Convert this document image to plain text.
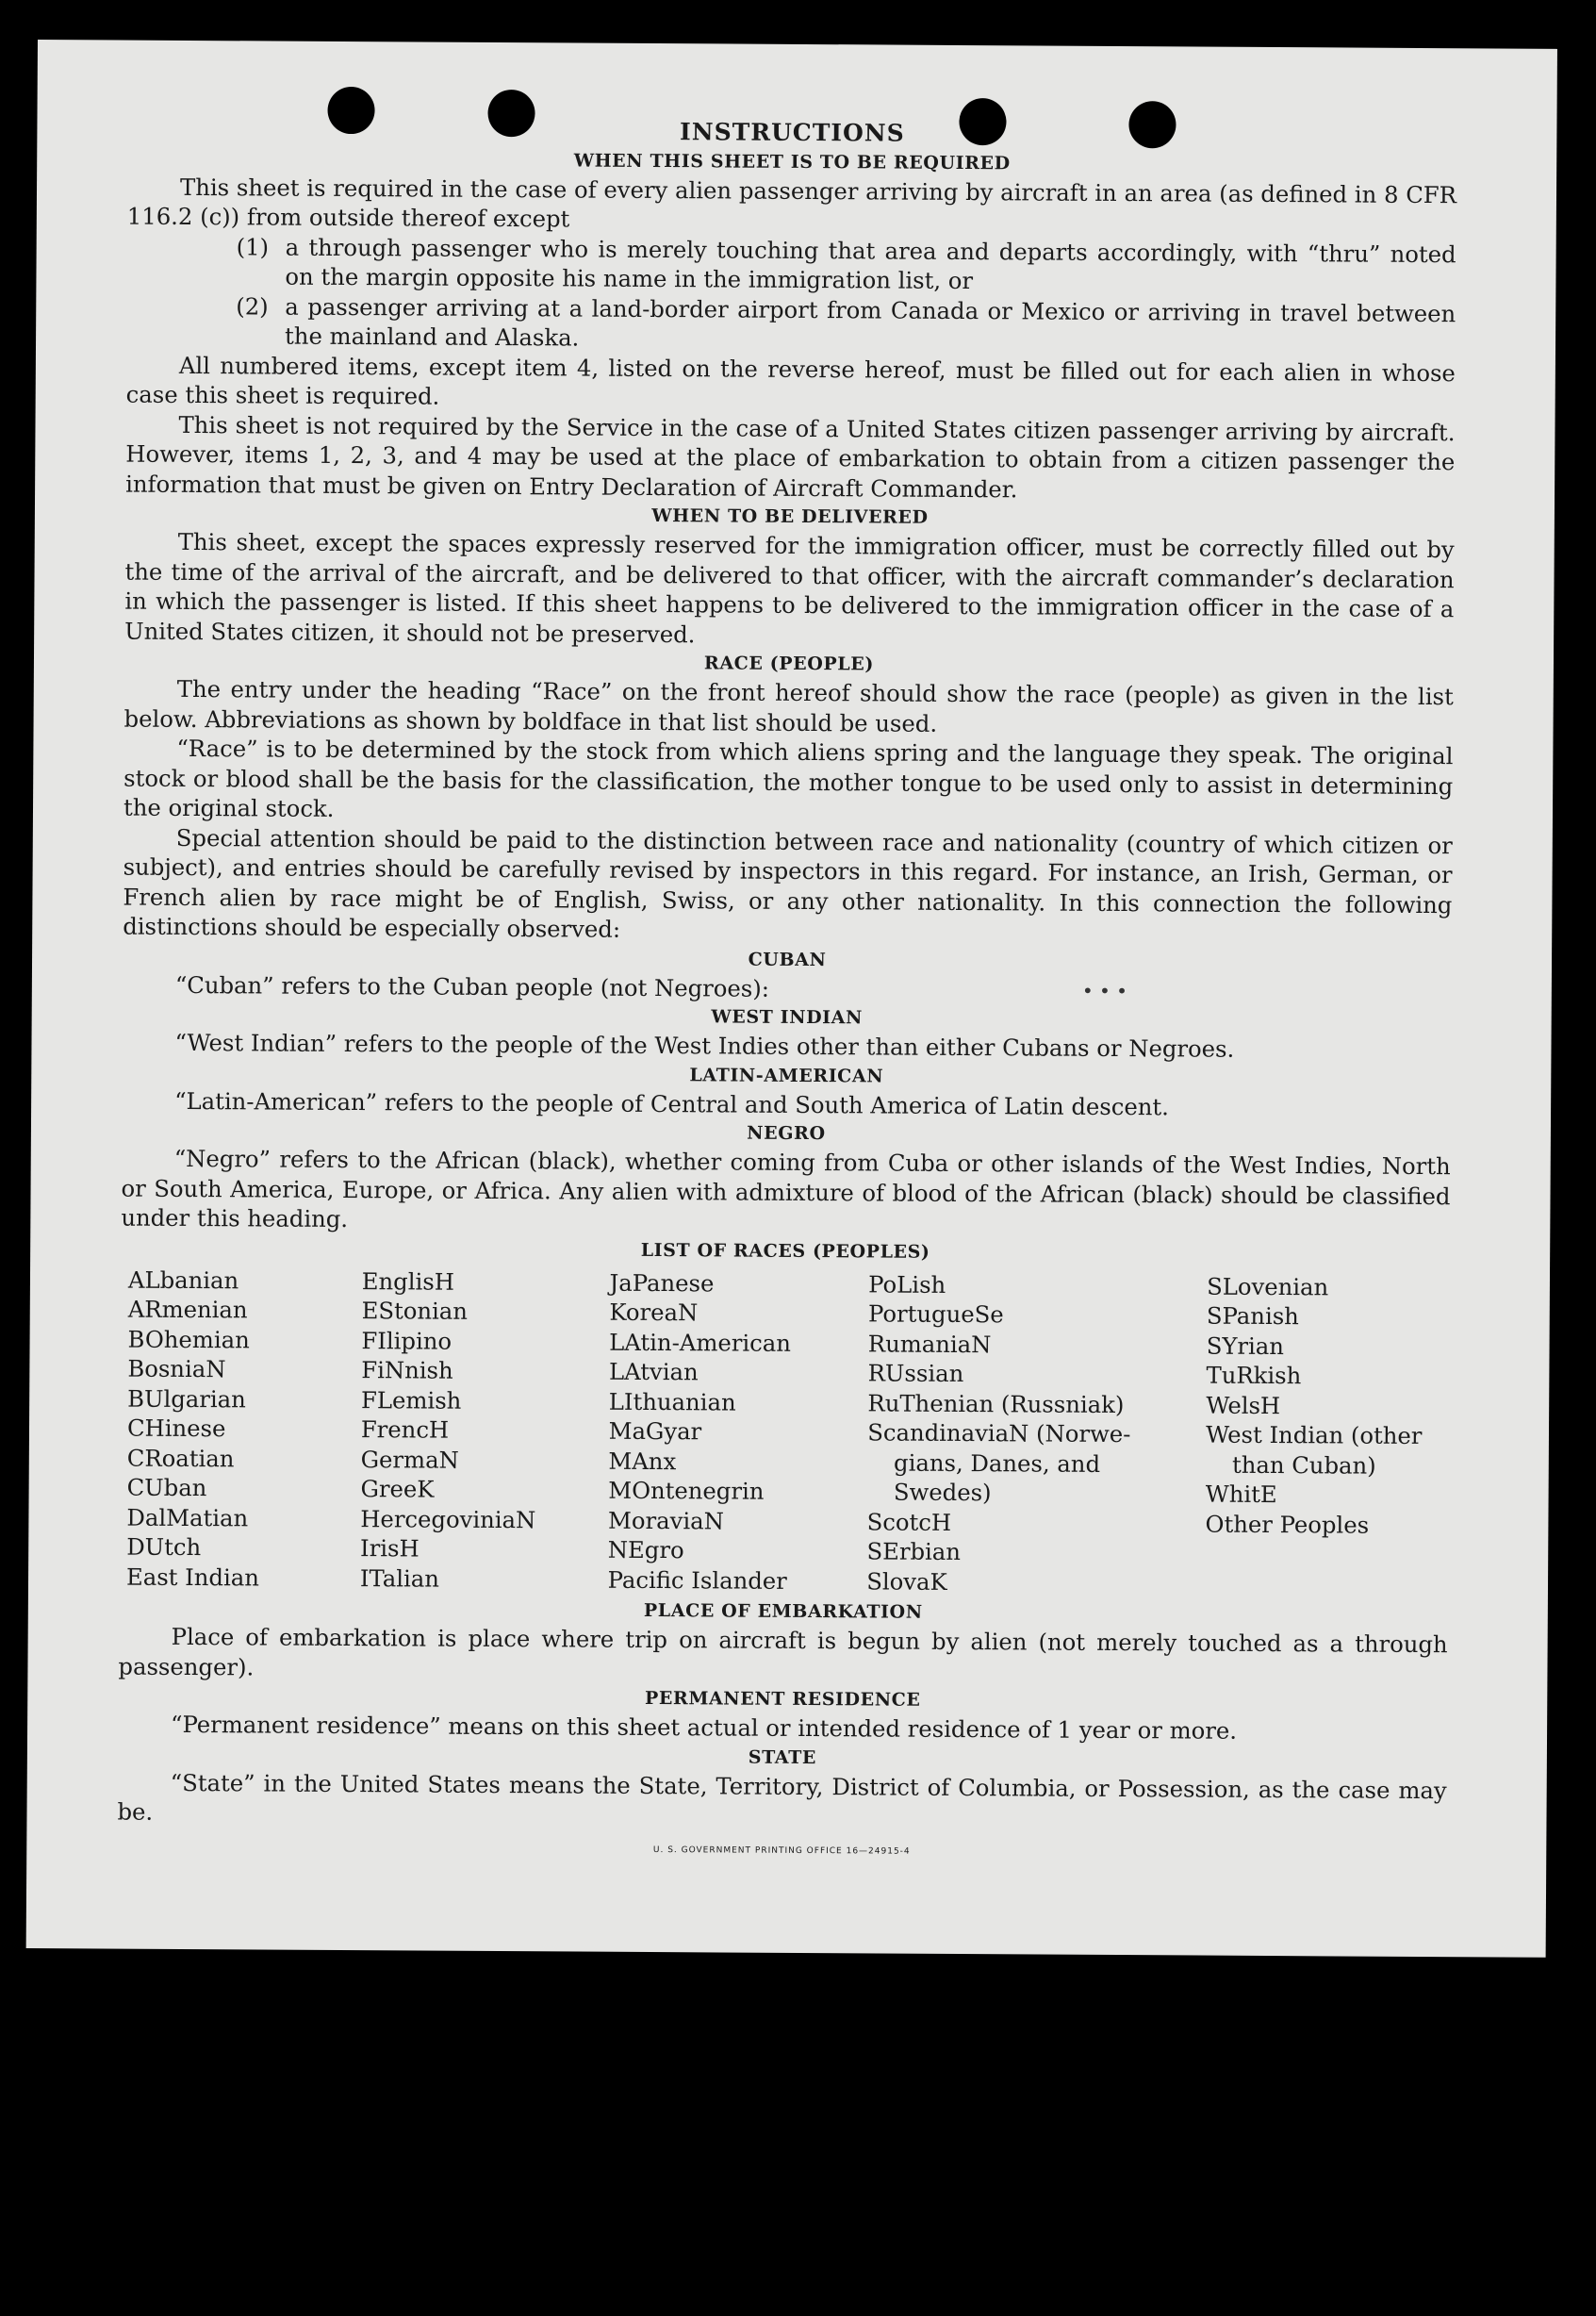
• • •
INSTRUCTIONS
WHEN THIS SHEET IS TO BE REQUIRED

This sheet is required in the case of every alien passenger arriving by aircraft in an area (as defined in 8 CFR 116.2 (c)) from outside thereof except

(1) a through passenger who is merely touching that area and departs accordingly, with “thru” noted on the margin opposite his name in the immigration list, or
(2) a passenger arriving at a land-border airport from Canada or Mexico or arriving in travel between the mainland and Alaska.

All numbered items, except item 4, listed on the reverse hereof, must be filled out for each alien in whose case this sheet is required.

This sheet is not required by the Service in the case of a United States citizen passenger arriving by aircraft. However, items 1, 2, 3, and 4 may be used at the place of embarkation to obtain from a citizen passenger the information that must be given on Entry Declaration of Aircraft Commander.

WHEN TO BE DELIVERED

This sheet, except the spaces expressly reserved for the immigration officer, must be correctly filled out by the time of the arrival of the aircraft, and be delivered to that officer, with the aircraft commander’s declaration in which the passenger is listed. If this sheet happens to be delivered to the immigration officer in the case of a United States citizen, it should not be preserved.

RACE (PEOPLE)

The entry under the heading “Race” on the front hereof should show the race (people) as given in the list below. Abbreviations as shown by boldface in that list should be used.

“Race” is to be determined by the stock from which aliens spring and the language they speak. The original stock or blood shall be the basis for the classification, the mother tongue to be used only to assist in determining the original stock.

Special attention should be paid to the distinction between race and nationality (country of which citizen or subject), and entries should be carefully revised by inspectors in this regard. For instance, an Irish, German, or French alien by race might be of English, Swiss, or any other nationality. In this connection the following distinctions should be especially observed:

CUBAN

“Cuban” refers to the Cuban people (not Negroes):

WEST INDIAN

“West Indian” refers to the people of the West Indies other than either Cubans or Negroes.

LATIN-AMERICAN

“Latin-American” refers to the people of Central and South America of Latin descent.

NEGRO

“Negro” refers to the African (black), whether coming from Cuba or other islands of the West Indies, North or South America, Europe, or Africa. Any alien with admixture of blood of the African (black) should be classified under this heading.

LIST OF RACES (PEOPLES)
ALbanian
ARmenian
BOhemian
BosniaN
BUlgarian
CHinese
CRoatian
CUban
DalMatian
DUtch
East Indian
EnglisH
EStonian
FIlipino
FiNnish
FLemish
FrencH
GermaN
GreeK
HercegoviniaN
IrisH
ITalian
JaPanese
KoreaN
LAtin-American
LAtvian
LIthuanian
MaGyar
MAnx
MOntenegrin
MoraviaN
NEgro
Pacific Islander
PoLish
PortugueSe
RumaniaN
RUssian
RuThenian (Russniak)
ScandinaviaN (Norwe-
gians, Danes, and
Swedes)
ScotcH
SErbian
SlovaK
SLovenian
SPanish
SYrian
TuRkish
WelsH
West Indian (other
than Cuban)
WhitE
Other Peoples
PLACE OF EMBARKATION

Place of embarkation is place where trip on aircraft is begun by alien (not merely touched as a through passenger).

PERMANENT RESIDENCE

“Permanent residence” means on this sheet actual or intended residence of 1 year or more.

STATE

“State” in the United States means the State, Territory, District of Columbia, or Possession, as the case may be.

U. S. GOVERNMENT PRINTING OFFICE 16—24915-4
